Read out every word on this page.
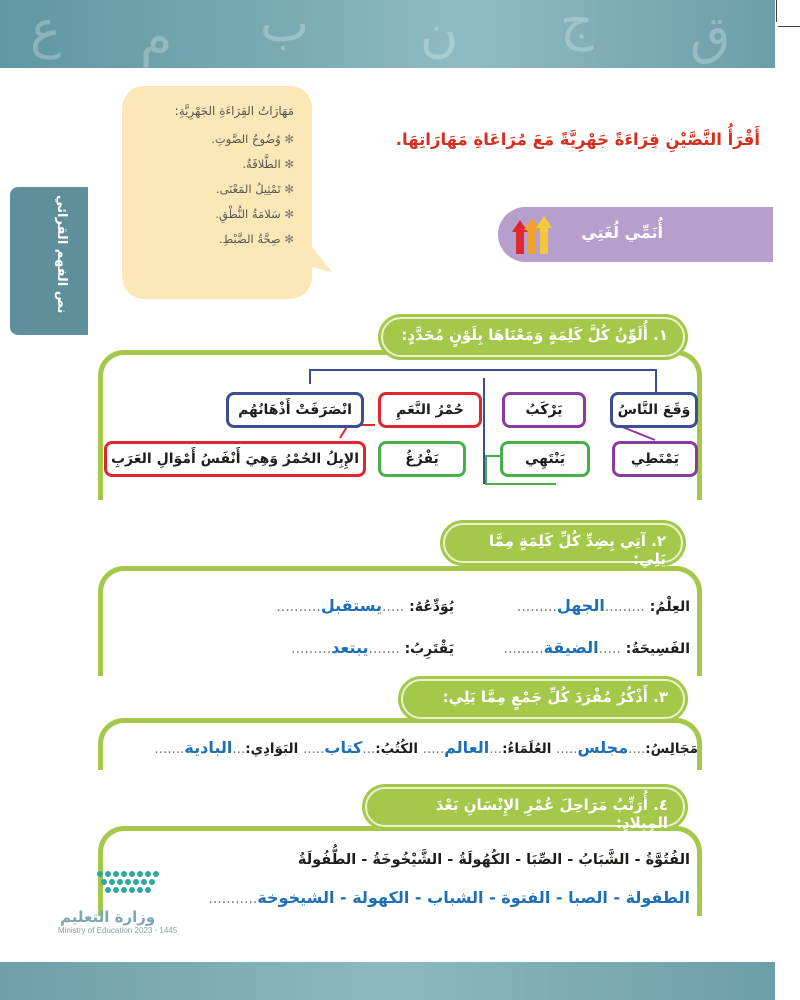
ع م ب ن ج ق
نص الفهم القرائي
مَهَارَاتُ القِرَاءَةِ الجَهْرِيَّةِ:
✻ وُضُوحُ الصَّوتِ.
✻ الطَّلاقَةُ.
✻ تَمْثِيلُ المَعْنَى.
✻ سَلامَةُ النُّطْقِ.
✻ صِحَّةُ الضَّبْطِ.
أَقْرَأُ النَّصَّيْنِ قِرَاءَةً جَهْرِيَّةً مَعَ مُرَاعَاةِ مَهَارَاتِهَا.
أُنَمِّي لُغَتِي
١. أُلَوِّنُ كُلَّ كَلِمَةٍ وَمَعْنَاهَا بِلَوْنٍ مُحَدَّدٍ:
وَقَعَ النَّاسُ
يَرْكَبُ
حُمْرُ النَّعَمِ
انْصَرَفَتْ أَذْهَانُهُم
يَمْتَطِي
يَنْتَهِي
يَفْرُغُ
الإِبِلُ الحُمْرُ وَهِيَ أَنْفَسُ أَمْوَالِ العَرَبِ
٢. آتِي بِضِدِّ كُلِّ كَلِمَةٍ مِمَّا يَلِي:
العِلْمُ: .........الجهل.........
يُوَدِّعُهُ: .....يستقبل..........
الفَسِيحَةُ: .....الضيقة.........
يَقْتَرِبُ: .......يبتعد.........
٣. أَذْكُرُ مُفْرَدَ كُلِّ جَمْعٍ مِمَّا يَلِي:
مَجَالِسُ:....مجلس..... العُلَمَاءُ:...العالم..... الكُتُبُ:...كتاب..... البَوَادِي:...البادية.......
٤. أُرَتِّبُ مَرَاحِلَ عُمْرِ الإِنْسَانِ بَعْدَ المِيلادِ:
الفُتُوَّةُ - الشَّبَابُ - الصِّبَا - الكُهُولَةُ - الشَّيْخُوخَةُ - الطُّفُولَةُ
الطفولة - الصبا - الفتوة - الشباب - الكهولة - الشيخوخة...........
وزارة التعليم
Ministry of Education 2023 - 1445
١٤٥
